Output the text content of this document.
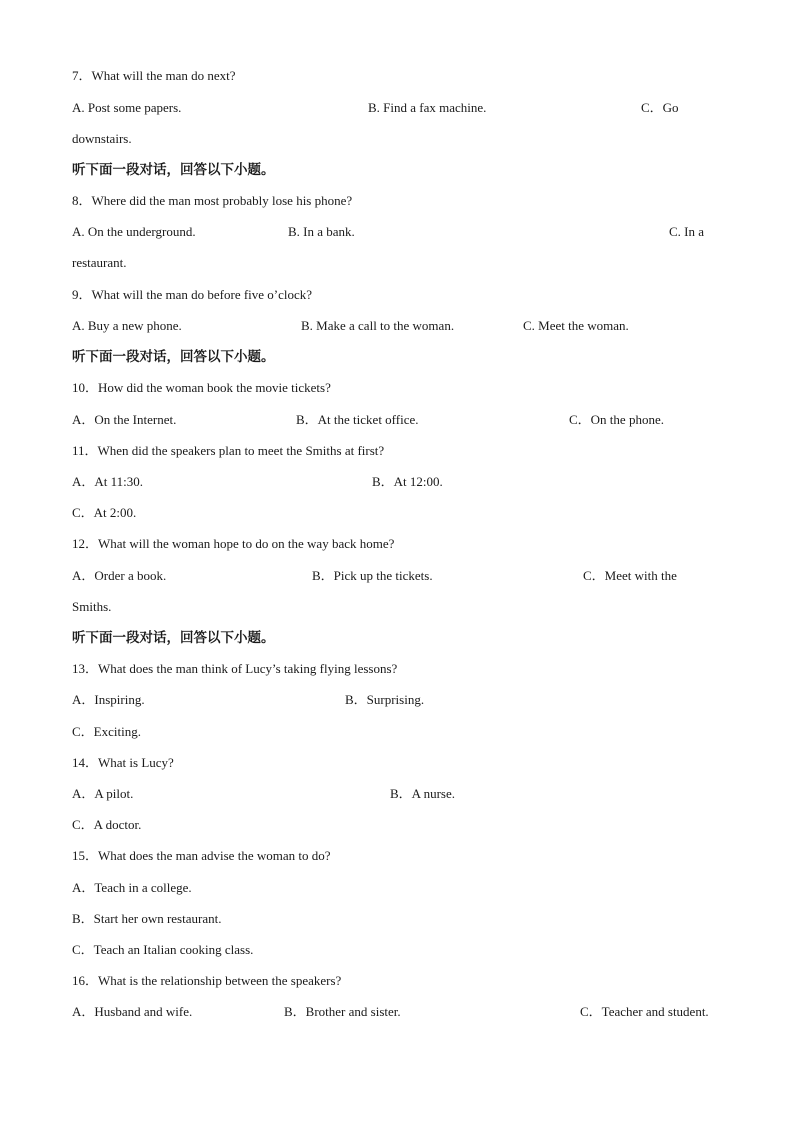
7．What will the man do next?
A. Post some papers.	B. Find a fax machine.	C．Go
downstairs.
听下面一段对话，回答以下小题。
8．Where did the man most probably lose his phone?
A. On the underground.	B. In a bank.	C. In a
restaurant.
9．What will the man do before five o’clock?
A. Buy a new phone.	B. Make a call to the woman.	C. Meet the woman.
听下面一段对话，回答以下小题。
10．How did the woman book the movie tickets?
A．On the Internet.	B．At the ticket office.	C．On the phone.
11．When did the speakers plan to meet the Smiths at first?
A．At 11:30.	B．At 12:00.
C．At 2:00.
12．What will the woman hope to do on the way back home?
A．Order a book.	B．Pick up the tickets.	C．Meet with the
Smiths.
听下面一段对话，回答以下小题。
13．What does the man think of Lucy’s taking flying lessons?
A．Inspiring.	B．Surprising.
C．Exciting.
14．What is Lucy?
A．A pilot.	B．A nurse.
C．A doctor.
15．What does the man advise the woman to do?
A．Teach in a college.
B．Start her own restaurant.
C．Teach an Italian cooking class.
16．What is the relationship between the speakers?
A．Husband and wife.	B．Brother and sister.	C．Teacher and student.
